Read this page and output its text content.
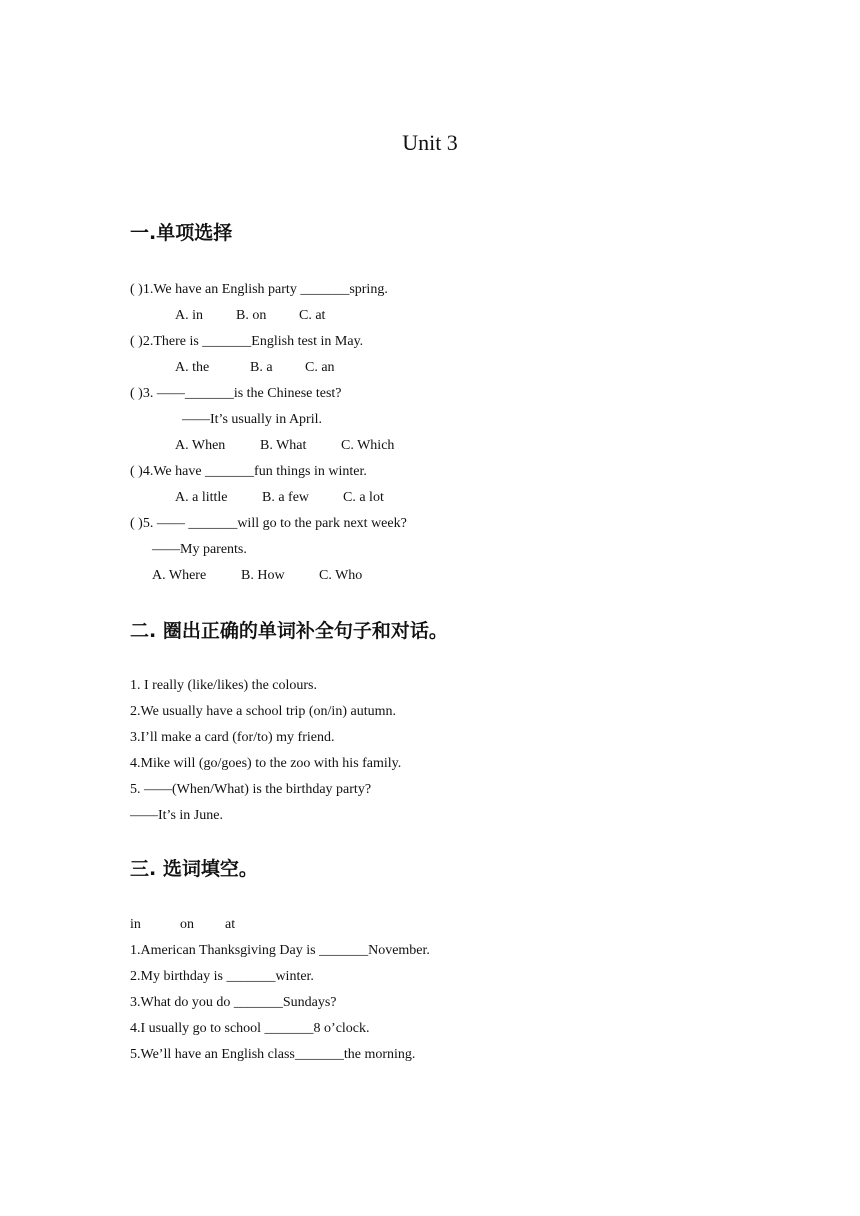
Unit 3
一.单项选择
( )1.We have an English party _______spring.
A. in B. on C. at
( )2.There is _______English test in May.
A. the	B. a C. an
( )3. ——_______is the Chinese test?
——It’s usually in April.
A. When B. What C. Which
( )4.We have _______fun things in winter.
A. a little B. a few C. a lot
( )5. —— _______will go to the park next week?
——My parents.
A. Where B. How C. Who
二. 圈出正确的单词补全句子和对话。
1. I really (like/likes) the colours.
2.We usually have a school trip (on/in) autumn.
3.I’ll make a card (for/to) my friend.
4.Mike will (go/goes) to the zoo with his family.
5. ——(When/What) is the birthday party?
——It’s in June.
三. 选词填空。
in	on at
1.American Thanksgiving Day is _______November.
2.My birthday is _______winter.
3.What do you do _______Sundays?
4.I usually go to school _______8 o’clock.
5.We’ll have an English class_______the morning.
